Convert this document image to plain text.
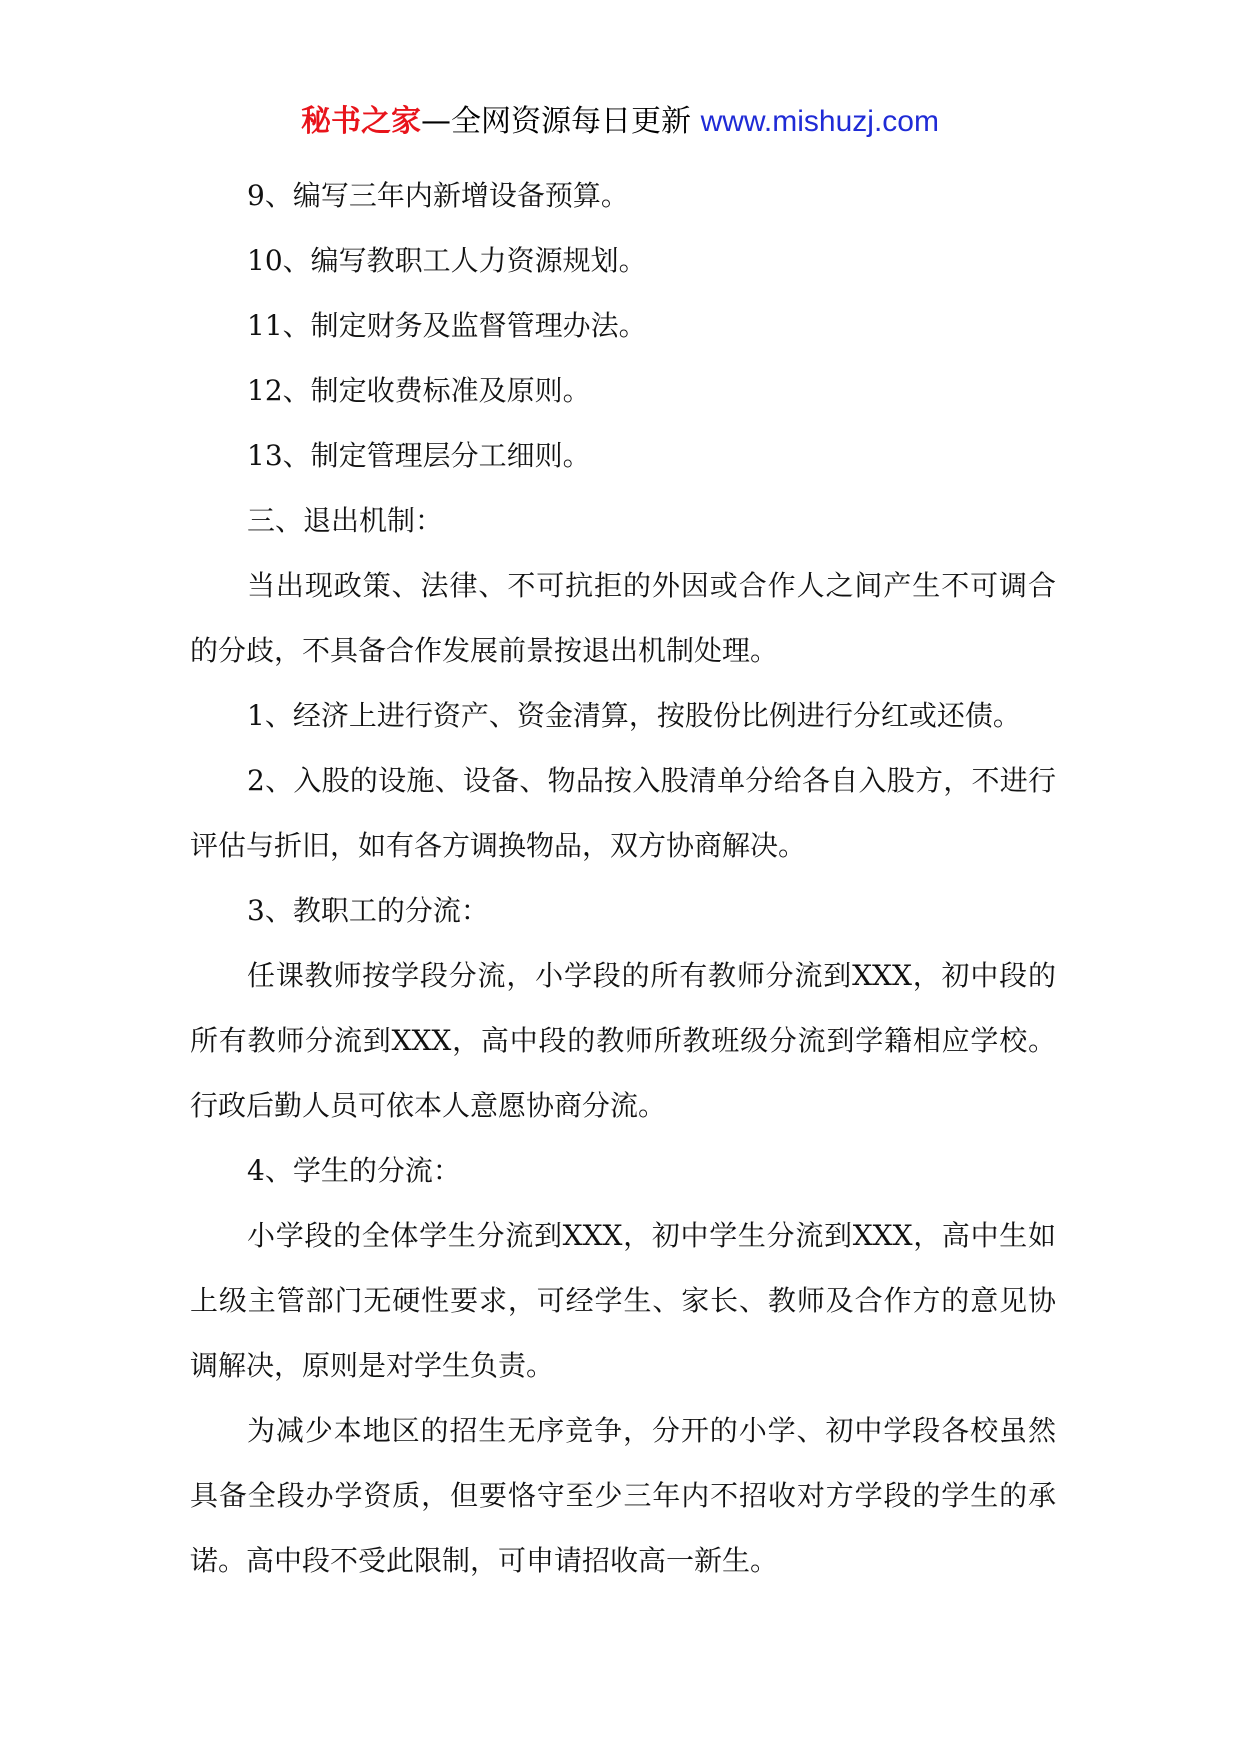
秘书之家—全网资源每日更新 www.mishuzj.com

9、编写三年内新增设备预算。

10、编写教职工人力资源规划。

11、制定财务及监督管理办法。

12、制定收费标准及原则。

13、制定管理层分工细则。

三、退出机制：

当出现政策、法律、不可抗拒的外因或合作人之间产生不可调合的分歧，不具备合作发展前景按退出机制处理。

1、经济上进行资产、资金清算，按股份比例进行分红或还债。

2、入股的设施、设备、物品按入股清单分给各自入股方，不进行评估与折旧，如有各方调换物品，双方协商解决。

3、教职工的分流：

任课教师按学段分流，小学段的所有教师分流到XXX，初中段的所有教师分流到XXX，高中段的教师所教班级分流到学籍相应学校。行政后勤人员可依本人意愿协商分流。

4、学生的分流：

小学段的全体学生分流到XXX，初中学生分流到XXX，高中生如上级主管部门无硬性要求，可经学生、家长、教师及合作方的意见协调解决，原则是对学生负责。

为减少本地区的招生无序竞争，分开的小学、初中学段各校虽然具备全段办学资质，但要恪守至少三年内不招收对方学段的学生的承诺。高中段不受此限制，可申请招收高一新生。
